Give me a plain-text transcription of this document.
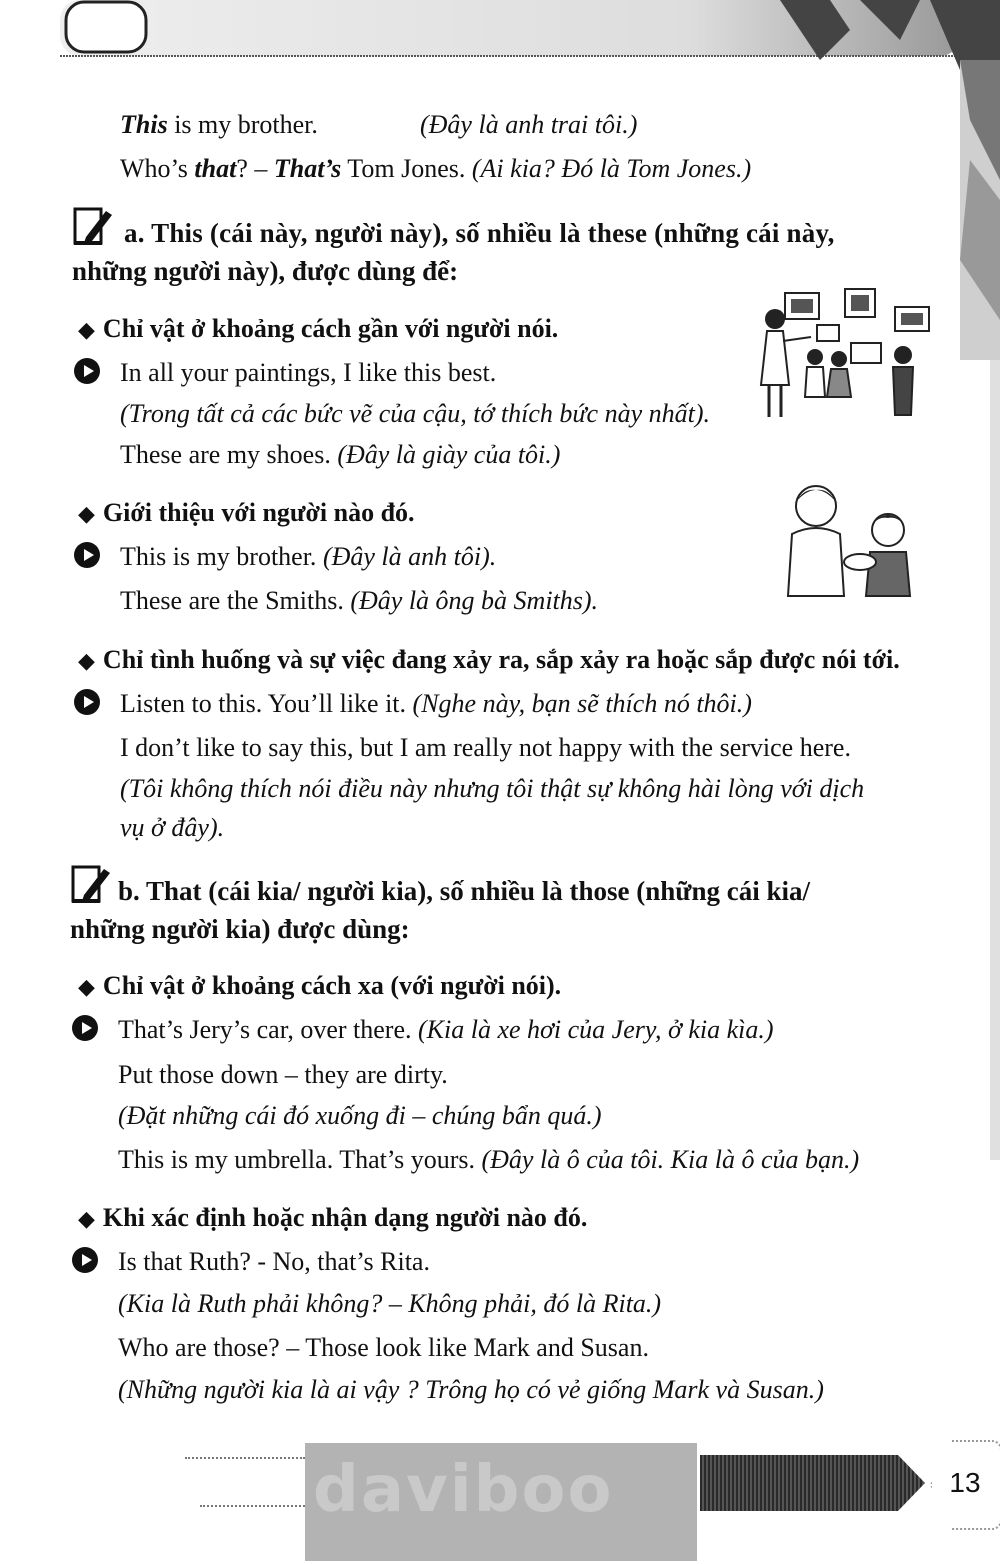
This is my brother.	(Đây là anh trai tôi.)
Who’s that? – That’s Tom Jones. (Ai kia? Đó là Tom Jones.)
a. This (cái này, người này), số nhiều là these (những cái này,
những người này), được dùng để:
◆ Chỉ vật ở khoảng cách gần với người nói.
In all your paintings, I like this best.
(Trong tất cả các bức vẽ của cậu, tớ thích bức này nhất).
These are my shoes. (Đây là giày của tôi.)
◆ Giới thiệu với người nào đó.
This is my brother. (Đây là anh tôi).
These are the Smiths. (Đây là ông bà Smiths).
◆ Chỉ tình huống và sự việc đang xảy ra, sắp xảy ra hoặc sắp được nói tới.
Listen to this. You’ll like it. (Nghe này, bạn sẽ thích nó thôi.)
I don’t like to say this, but I am really not happy with the service here.
(Tôi không thích nói điều này nhưng tôi thật sự không hài lòng với dịch
vụ ở đây).
b. That (cái kia/ người kia), số nhiều là those (những cái kia/
những người kia) được dùng:
◆ Chỉ vật ở khoảng cách xa (với người nói).
That’s Jery’s car, over there. (Kia là xe hơi của Jery, ở kia kìa.)
Put those down – they are dirty.
(Đặt những cái đó xuống đi – chúng bẩn quá.)
This is my umbrella. That’s yours. (Đây là ô của tôi. Kia là ô của bạn.)
◆ Khi xác định hoặc nhận dạng người nào đó.
Is that Ruth? - No, that’s Rita.
(Kia là Ruth phải không? – Không phải, đó là Rita.)
Who are those? – Those look like Mark and Susan.
(Những người kia là ai vậy ? Trông họ có vẻ giống Mark và Susan.)
daviboo	13
